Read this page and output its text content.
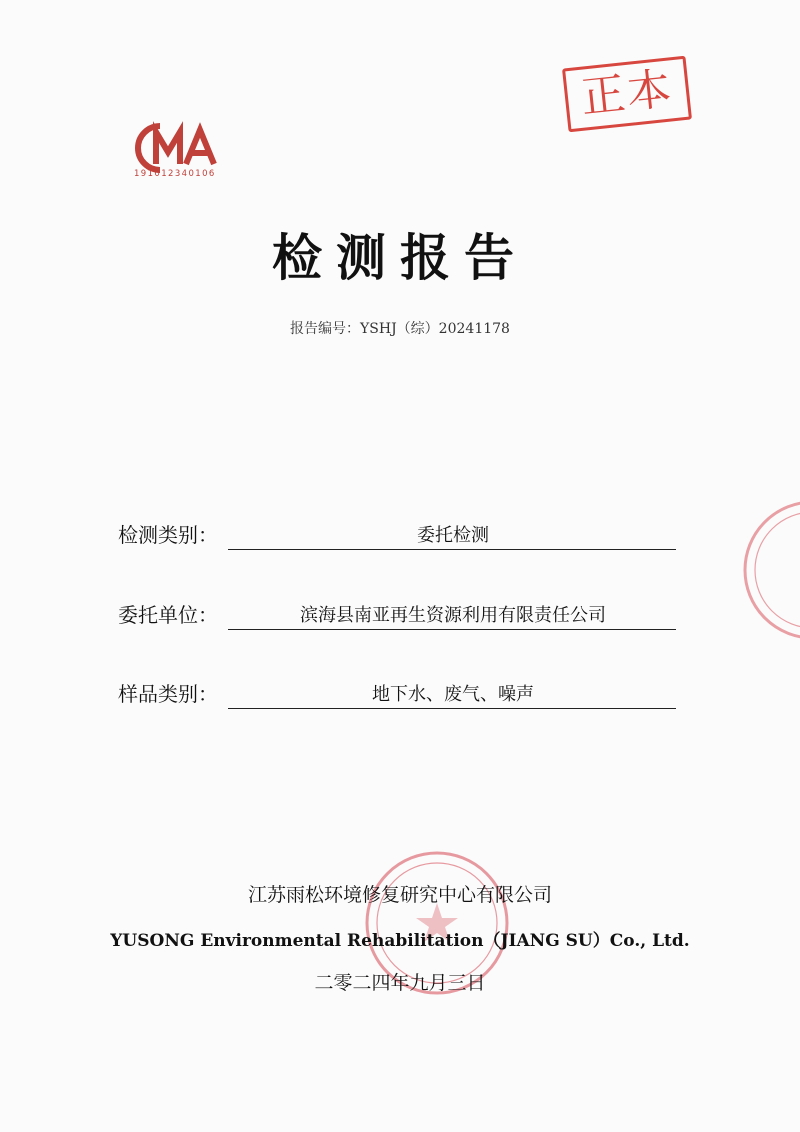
正本
191012340106
检测报告
报告编号：YSHJ（综）20241178
检测类别：	委托检测
委托单位：	滨海县南亚再生资源利用有限责任公司
样品类别：	地下水、废气、噪声
江苏雨松环境修复研究中心有限公司
YUSONG Environmental Rehabilitation（JIANG SU）Co., Ltd.
二零二四年九月三日
